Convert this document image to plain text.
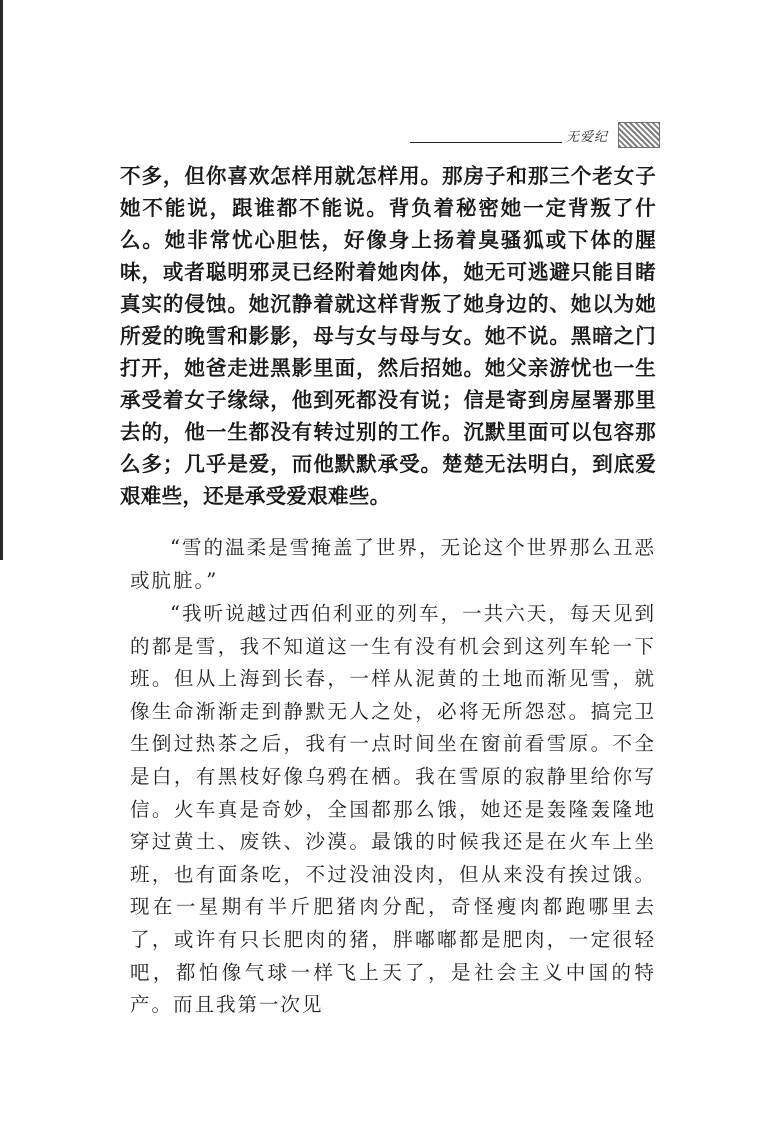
无爱纪

不多，但你喜欢怎样用就怎样用。那房子和那三个老女子她不能说，跟谁都不能说。背负着秘密她一定背叛了什么。她非常忧心胆怯，好像身上扬着臭骚狐或下体的腥味，或者聪明邪灵已经附着她肉体，她无可逃避只能目睹真实的侵蚀。她沉静着就这样背叛了她身边的、她以为她所爱的晚雪和影影，母与女与母与女。她不说。黑暗之门打开，她爸走进黑影里面，然后招她。她父亲游忧也一生承受着女子缘绿，他到死都没有说；信是寄到房屋署那里去的，他一生都没有转过别的工作。沉默里面可以包容那么多；几乎是爱，而他默默承受。楚楚无法明白，到底爱艰难些，还是承受爱艰难些。

“雪的温柔是雪掩盖了世界，无论这个世界那么丑恶或肮脏。”

“我听说越过西伯利亚的列车，一共六天，每天见到的都是雪，我不知道这一生有没有机会到这列车轮一下班。但从上海到长春，一样从泥黄的土地而渐见雪，就像生命渐渐走到静默无人之处，必将无所怨怼。搞完卫生倒过热茶之后，我有一点时间坐在窗前看雪原。不全是白，有黑枝好像乌鸦在栖。我在雪原的寂静里给你写信。火车真是奇妙，全国都那么饿，她还是轰隆轰隆地穿过黄土、废铁、沙漠。最饿的时候我还是在火车上坐班，也有面条吃，不过没油没肉，但从来没有挨过饿。现在一星期有半斤肥猪肉分配，奇怪瘦肉都跑哪里去了，或许有只长肥肉的猪，胖嘟嘟都是肥肉，一定很轻吧，都怕像气球一样飞上天了，是社会主义中国的特产。而且我第一次见
